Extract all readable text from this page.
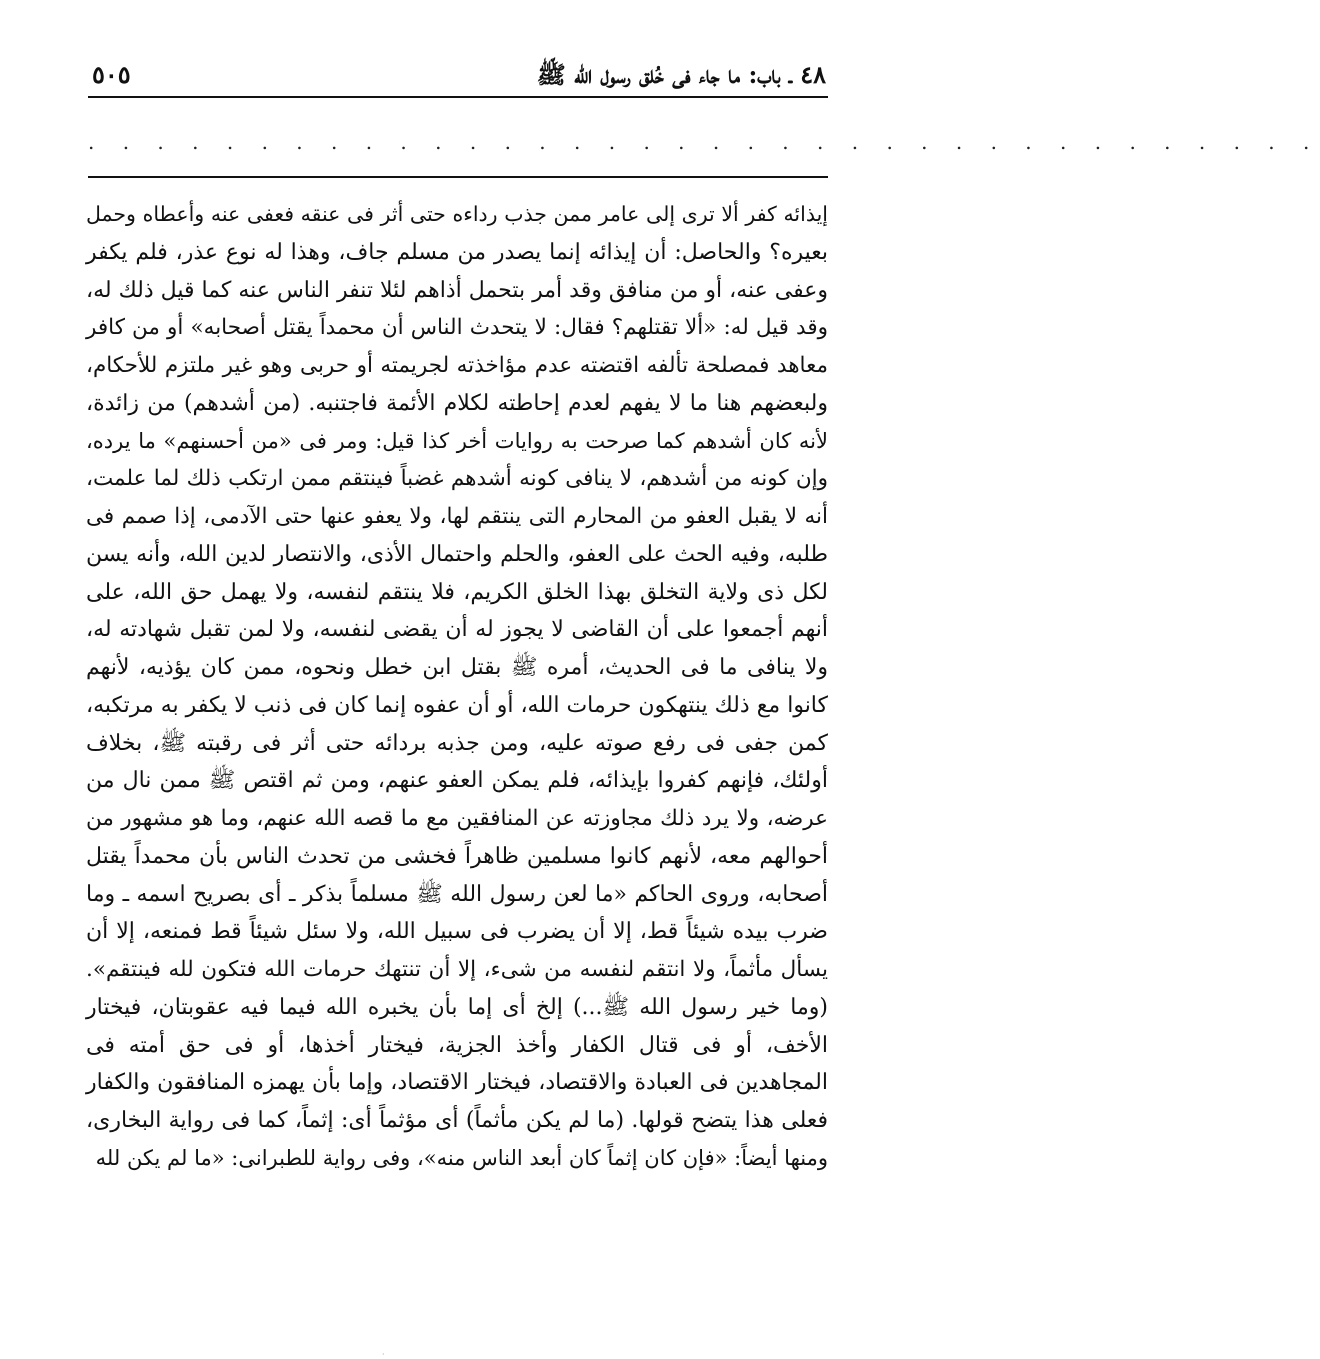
٥٠٥	٤٨ ـ باب: ما جاء فى خُلق رسول الله ﷺ
. . . . . . . . . . . . . . . . . . . . . . . . . . . . . . . . . . . .
إيذائه كفر ألا ترى إلى عامر ممن جذب رداءه حتى أثر فى عنقه فعفى عنه وأعطاه وحمل
بعيره؟ والحاصل: أن إيذائه إنما يصدر من مسلم جاف، وهذا له نوع عذر، فلم يكفر
وعفى عنه، أو من منافق وقد أمر بتحمل أذاهم لئلا تنفر الناس عنه كما قيل ذلك له،
وقد قيل له: «ألا تقتلهم؟ فقال: لا يتحدث الناس أن محمداً يقتل أصحابه» أو من كافر
معاهد فمصلحة تألفه اقتضته عدم مؤاخذته لجريمته أو حربى وهو غير ملتزم للأحكام،
ولبعضهم هنا ما لا يفهم لعدم إحاطته لكلام الأئمة فاجتنبه. (من أشدهم) من زائدة،
لأنه كان أشدهم كما صرحت به روايات أخر كذا قيل: ومر فى «من أحسنهم» ما يرده،
وإن كونه من أشدهم، لا ينافى كونه أشدهم غضباً فينتقم ممن ارتكب ذلك لما علمت،
أنه لا يقبل العفو من المحارم التى ينتقم لها، ولا يعفو عنها حتى الآدمى، إذا صمم فى
طلبه، وفيه الحث على العفو، والحلم واحتمال الأذى، والانتصار لدين الله، وأنه يسن
لكل ذى ولاية التخلق بهذا الخلق الكريم، فلا ينتقم لنفسه، ولا يهمل حق الله، على
أنهم أجمعوا على أن القاضى لا يجوز له أن يقضى لنفسه، ولا لمن تقبل شهادته له،
ولا ينافى ما فى الحديث، أمره ﷺ بقتل ابن خطل ونحوه، ممن كان يؤذيه، لأنهم
كانوا مع ذلك ينتهكون حرمات الله، أو أن عفوه إنما كان فى ذنب لا يكفر به مرتكبه،
كمن جفى فى رفع صوته عليه، ومن جذبه بردائه حتى أثر فى رقبته ﷺ، بخلاف
أولئك، فإنهم كفروا بإيذائه، فلم يمكن العفو عنهم، ومن ثم اقتص ﷺ ممن نال من
عرضه، ولا يرد ذلك مجاوزته عن المنافقين مع ما قصه الله عنهم، وما هو مشهور من
أحوالهم معه، لأنهم كانوا مسلمين ظاهراً فخشى من تحدث الناس بأن محمداً يقتل
أصحابه، وروى الحاكم «ما لعن رسول الله ﷺ مسلماً بذكر ـ أى بصريح اسمه ـ وما
ضرب بيده شيئاً قط، إلا أن يضرب فى سبيل الله، ولا سئل شيئاً قط فمنعه، إلا أن
يسأل مأثماً، ولا انتقم لنفسه من شىء، إلا أن تنتهك حرمات الله فتكون لله فينتقم».
(وما خير رسول الله ﷺ...) إلخ أى إما بأن يخبره الله فيما فيه عقوبتان، فيختار
الأخف، أو فى قتال الكفار وأخذ الجزية، فيختار أخذها، أو فى حق أمته فى
المجاهدين فى العبادة والاقتصاد، فيختار الاقتصاد، وإما بأن يهمزه المنافقون والكفار
فعلى هذا يتضح قولها. (ما لم يكن مأثماً) أى مؤثماً أى: إثماً، كما فى رواية البخارى،
ومنها أيضاً: «فإن كان إثماً كان أبعد الناس منه»، وفى رواية للطبرانى: «ما لم يكن لله
·
